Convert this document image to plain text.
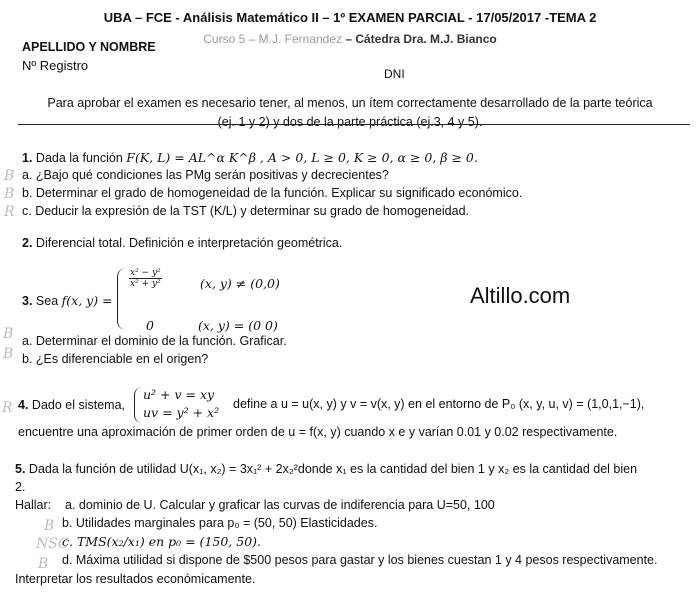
UBA – FCE - Análisis Matemático II – 1º EXAMEN PARCIAL - 17/05/2017 -TEMA 2
Curso 5 – M.J. Fernandez – Cátedra Dra. M.J. Bianco
APELLIDO Y NOMBRE
Nº Registro
DNI
Para aprobar el examen es necesario tener, al menos, un ítem correctamente desarrollado de la parte teórica
(ej. 1 y 2) y dos de la parte práctica (ej.3, 4 y 5).
1. Dada la función F(K, L) = AL^α K^β , A > 0, L ≥ 0, K ≥ 0, α ≥ 0, β ≥ 0.
a. ¿Bajo qué condiciones las PMg serán positivas y decrecientes?
b. Determinar el grado de homogeneidad de la función. Explicar su significado económico.
c. Deducir la expresión de la TST (K/L) y determinar su grado de homogeneidad.
2. Diferencial total. Definición e interpretación geométrica.
3. Sea f(x, y) =
$\frac{\text{x² − y²}}{\text{x² + y²}}$	(x, y) ≠ (0,0)
0	(x, y) = (0 0)
a. Determinar el dominio de la función. Graficar.
b. ¿Es diferenciable en el origen?
Altillo.com
4. Dado el sistema,
u² + v = xy
uv = y² + x²
define a u = u(x, y) y v = v(x, y) en el entorno de P₀ (x, y, u, v) = (1,0,1,−1),
encuentre una aproximación de primer orden de u = f(x, y) cuando x e y varían 0.01 y 0.02 respectivamente.
5. Dada la función de utilidad U(x₁, x₂) = 3x₁² + 2x₂²donde x₁ es la cantidad del bien 1 y x₂ es la cantidad del bien
2.
Hallar: a. dominio de U. Calcular y graficar las curvas de indiferencia para U=50, 100
b. Utilidades marginales para p₀ = (50, 50) Elasticidades.
c. TMS(x₂/x₁) en p₀ = (150, 50).
d. Máxima utilidad si dispone de $500 pesos para gastar y los bienes cuestan 1 y 4 pesos respectivamente.
Interpretar los resultados económicamente.
B
B
R
B
B
R
B
NSC
B
